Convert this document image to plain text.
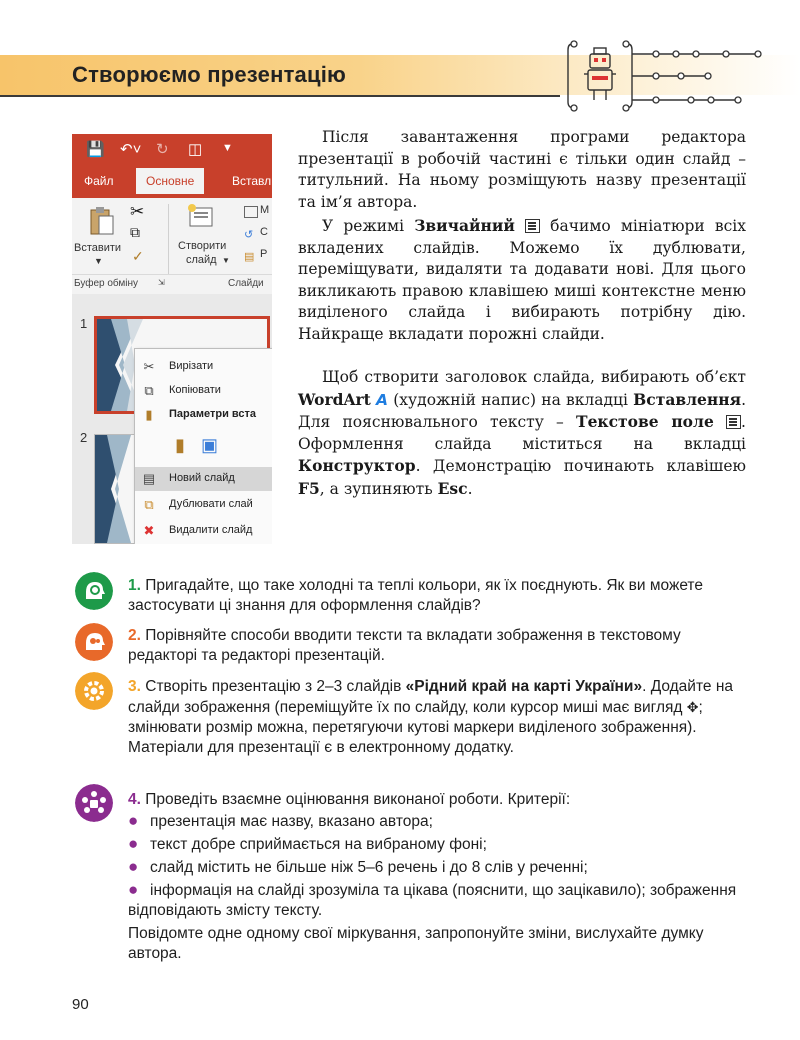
Створюємо презентацію
💾 ↶˅ ↻ ◫ ▼
Файл	Основне	Вставл
✂
⧉
✓
Вставити
▼
Створити
слайд ▼
M
↺ C
▤ P
Буфер обміну ⇲	Слайди
1
2
✂ Вирізати
⧉	Копіювати
▮	Параметри вста
▮ ▣
▤ Новий слайд
⧉	Дублювати слай
✖ Видалити слайд
Після завантаження програми редактора презентації в робочій частині є тільки один слайд – титульний. На ньому розміщують назву презентації та ім’я автора.
У режимі Звичайний  бачимо мініатюри всіх вкладених слайдів. Можемо їх дублювати, переміщувати, видаляти та додавати нові. Для цього викликають правою клавішею миші контекстне меню виділеного слайда і вибирають потрібну дію. Найкраще вкладати порожні слайди.
Щоб створити заголовок слайда, вибирають об’єкт WordArt A (художній напис) на вкладці Вставлення. Для пояснювального тексту – Текстове поле . Оформлення слайда міститься на вкладці Конструктор. Демонстрацію починають клавішею F5, а зупиняють Esc.
1. Пригадайте, що таке холодні та теплі кольори, як їх поєднують. Як ви можете застосувати ці знання для оформлення слайдів?
2. Порівняйте способи вводити тексти та вкладати зображення в текстовому редакторі та редакторі презентацій.
3. Створіть презентацію з 2–3 слайдів «Рідний край на карті України». Додайте на слайди зображення (переміщуйте їх по слайду, коли курсор миші має вигляд ✥; змінювати розмір можна, перетягуючи кутові маркери виділеного зображення). Матеріали для презентації є в електронному додатку.
4. Проведіть взаємне оцінювання виконаної роботи. Критерії:
● презентація має назву, вказано автора;
● текст добре сприймається на вибраному фоні;
● слайд містить не більше ніж 5–6 речень і до 8 слів у реченні;
● інформація на слайді зрозуміла та цікава (пояснити, що зацікавило); зображення відповідають змісту тексту.
Повідомте одне одному свої міркування, запропонуйте зміни, вислухайте думку автора.
90
